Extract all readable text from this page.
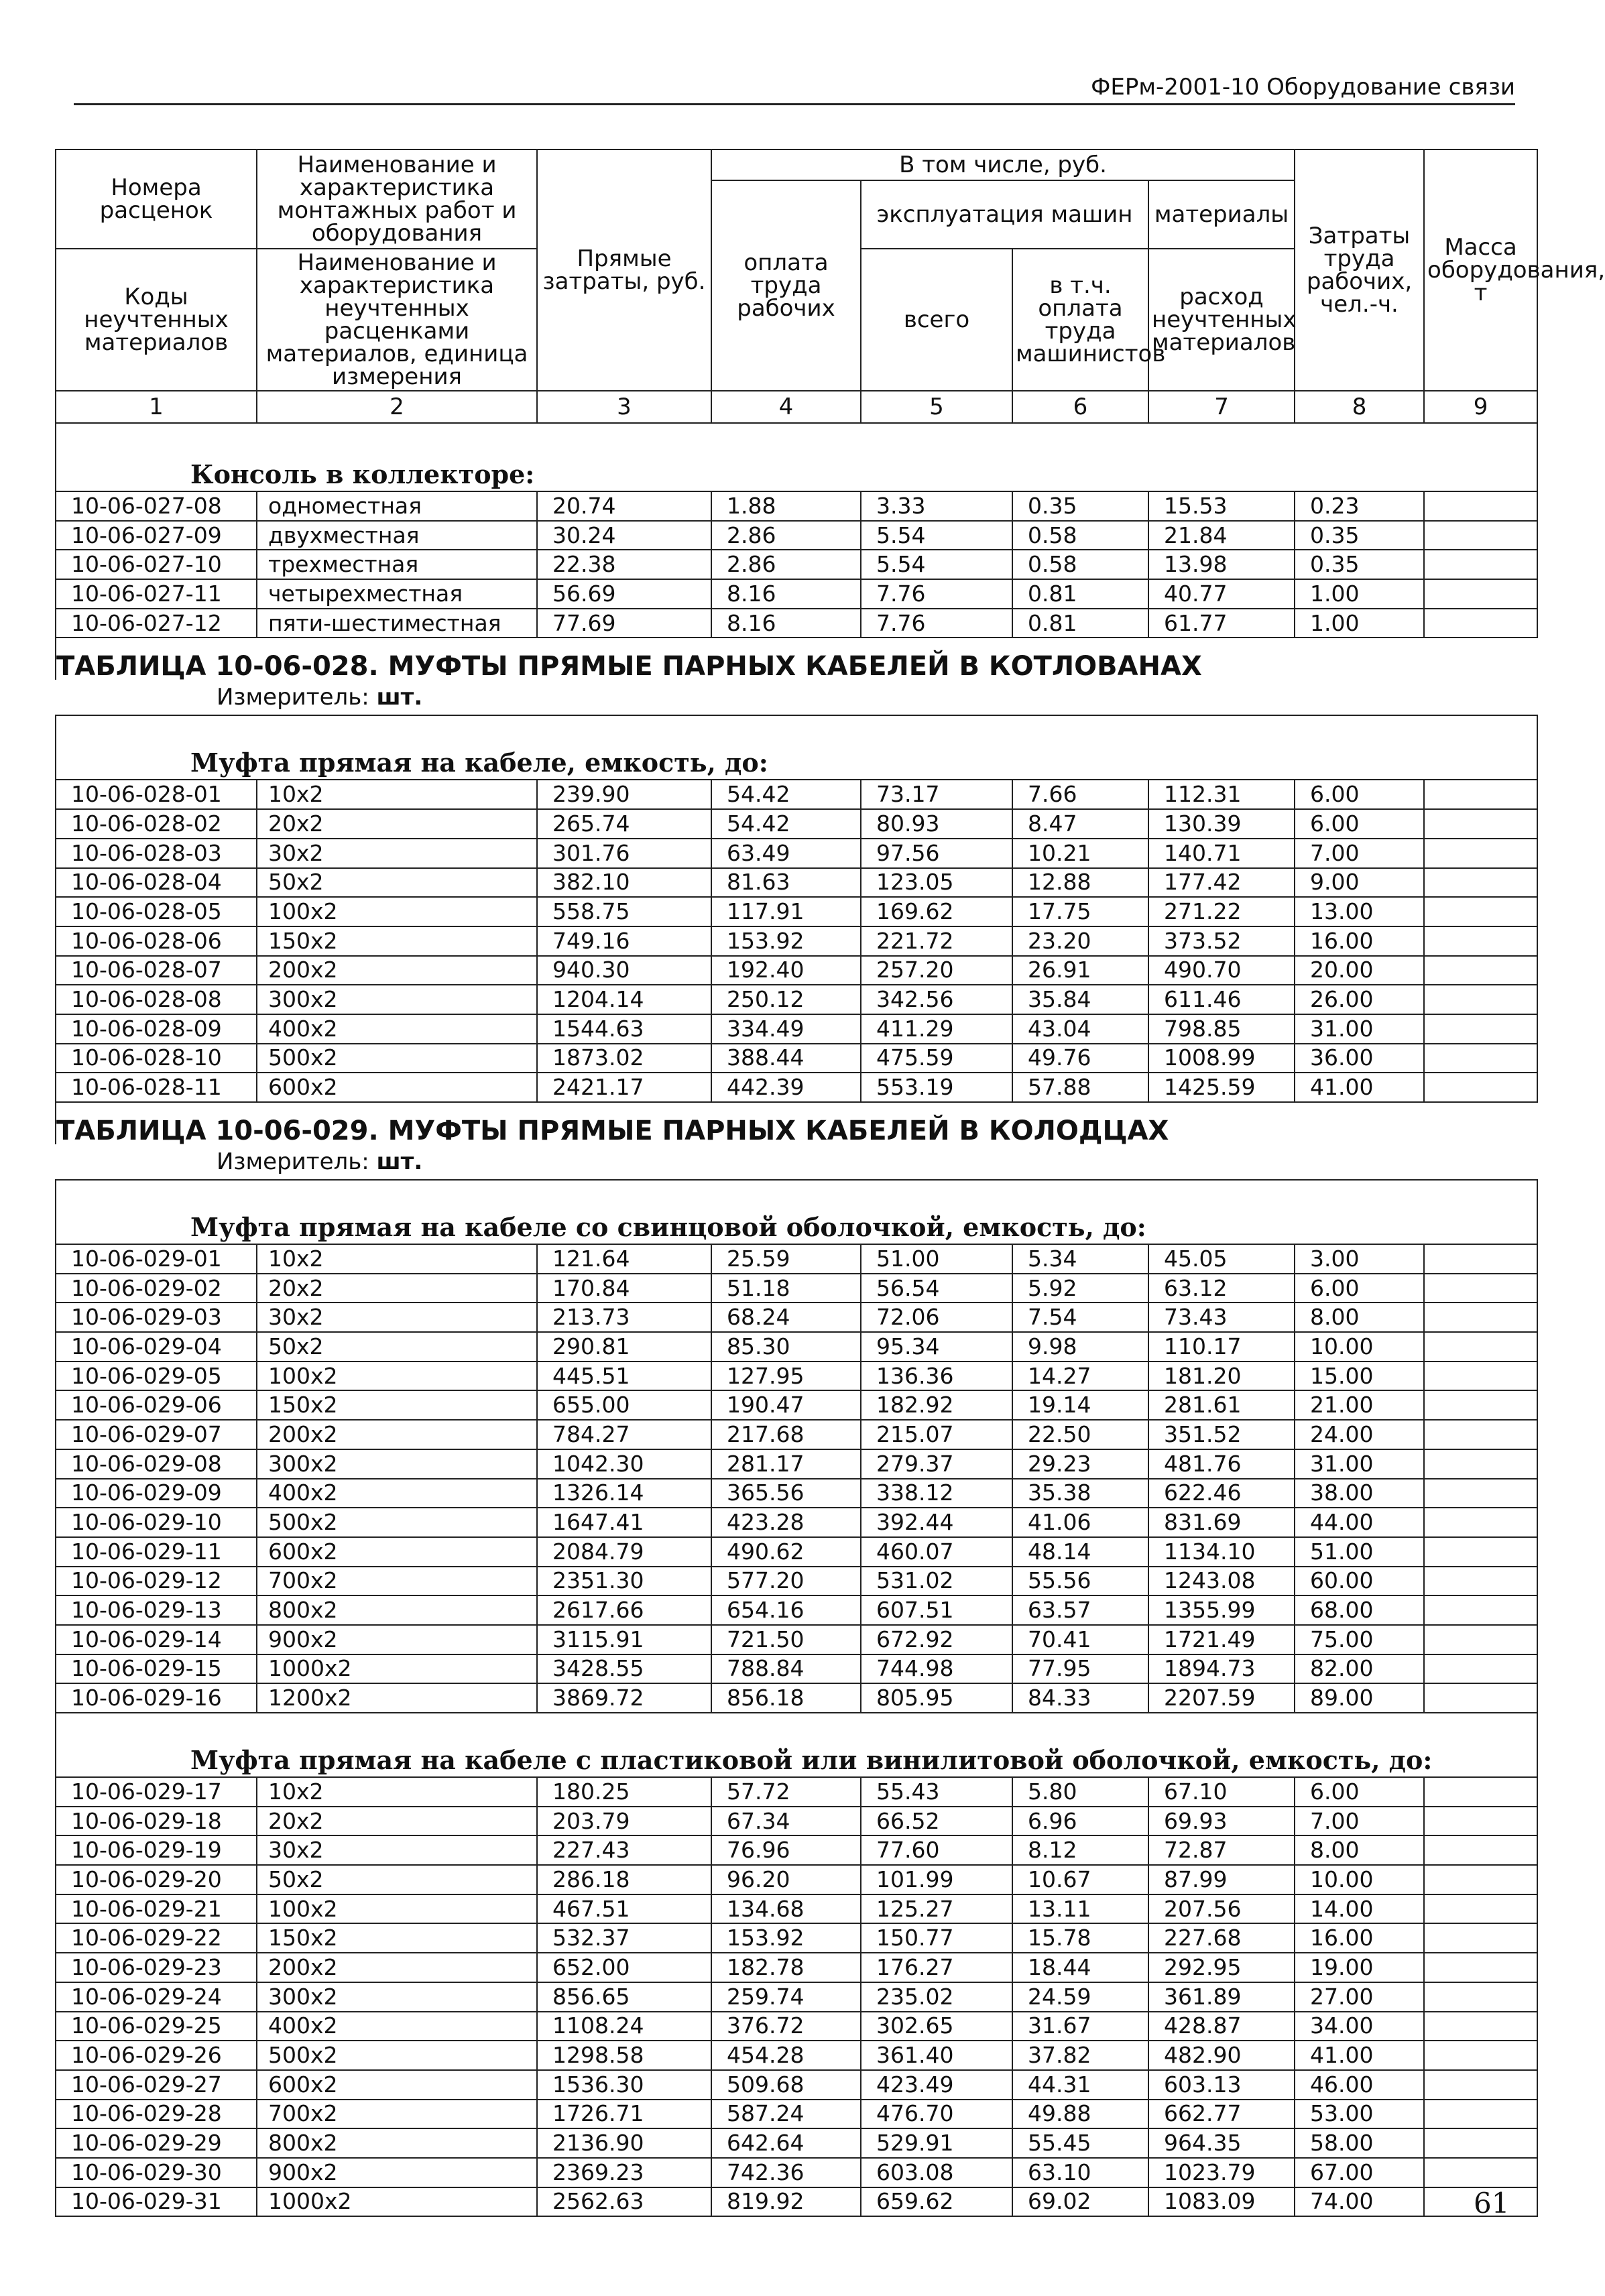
ФЕРм-2001-10 Оборудование связи
Номера расценок	Наименование и характеристика монтажных работ и оборудования	Прямые затраты, руб.	В том числе, руб.				Затраты труда рабочих, чел.-ч.	Масса оборудования, т
			оплата труда рабочих	эксплуатация машин		материалы		
Коды неучтенных материалов	Наименование и характеристика неучтенных расценками материалов, единица измерения			всего	в т.ч. оплата труда машинистов	расход неучтенных материалов		
1	2	3	4	5	6	7	8	9
Консоль в коллекторе:								
10-06-027-08	одноместная	20.74	1.88	3.33	0.35	15.53	0.23	
10-06-027-09	двухместная	30.24	2.86	5.54	0.58	21.84	0.35	
10-06-027-10	трехместная	22.38	2.86	5.54	0.58	13.98	0.35	
10-06-027-11	четырехместная	56.69	8.16	7.76	0.81	40.77	1.00	
10-06-027-12	пяти-шестиместная	77.69	8.16	7.76	0.81	61.77	1.00	
ТАБЛИЦА 10-06-028. МУФТЫ ПРЯМЫЕ ПАРНЫХ КАБЕЛЕЙ В КОТЛОВАНАХ								
Измеритель: шт.								
Муфта прямая на кабеле, емкость, до:								
10-06-028-01	10x2	239.90	54.42	73.17	7.66	112.31	6.00	
10-06-028-02	20x2	265.74	54.42	80.93	8.47	130.39	6.00	
10-06-028-03	30x2	301.76	63.49	97.56	10.21	140.71	7.00	
10-06-028-04	50x2	382.10	81.63	123.05	12.88	177.42	9.00	
10-06-028-05	100x2	558.75	117.91	169.62	17.75	271.22	13.00	
10-06-028-06	150x2	749.16	153.92	221.72	23.20	373.52	16.00	
10-06-028-07	200x2	940.30	192.40	257.20	26.91	490.70	20.00	
10-06-028-08	300x2	1204.14	250.12	342.56	35.84	611.46	26.00	
10-06-028-09	400x2	1544.63	334.49	411.29	43.04	798.85	31.00	
10-06-028-10	500x2	1873.02	388.44	475.59	49.76	1008.99	36.00	
10-06-028-11	600x2	2421.17	442.39	553.19	57.88	1425.59	41.00	
ТАБЛИЦА 10-06-029. МУФТЫ ПРЯМЫЕ ПАРНЫХ КАБЕЛЕЙ В КОЛОДЦАХ								
Измеритель: шт.								
Муфта прямая на кабеле со свинцовой оболочкой, емкость, до:								
10-06-029-01	10x2	121.64	25.59	51.00	5.34	45.05	3.00	
10-06-029-02	20x2	170.84	51.18	56.54	5.92	63.12	6.00	
10-06-029-03	30x2	213.73	68.24	72.06	7.54	73.43	8.00	
10-06-029-04	50x2	290.81	85.30	95.34	9.98	110.17	10.00	
10-06-029-05	100x2	445.51	127.95	136.36	14.27	181.20	15.00	
10-06-029-06	150x2	655.00	190.47	182.92	19.14	281.61	21.00	
10-06-029-07	200x2	784.27	217.68	215.07	22.50	351.52	24.00	
10-06-029-08	300x2	1042.30	281.17	279.37	29.23	481.76	31.00	
10-06-029-09	400x2	1326.14	365.56	338.12	35.38	622.46	38.00	
10-06-029-10	500x2	1647.41	423.28	392.44	41.06	831.69	44.00	
10-06-029-11	600x2	2084.79	490.62	460.07	48.14	1134.10	51.00	
10-06-029-12	700x2	2351.30	577.20	531.02	55.56	1243.08	60.00	
10-06-029-13	800x2	2617.66	654.16	607.51	63.57	1355.99	68.00	
10-06-029-14	900x2	3115.91	721.50	672.92	70.41	1721.49	75.00	
10-06-029-15	1000x2	3428.55	788.84	744.98	77.95	1894.73	82.00	
10-06-029-16	1200x2	3869.72	856.18	805.95	84.33	2207.59	89.00	
Муфта прямая на кабеле с пластиковой или винилитовой оболочкой, емкость, до:								
10-06-029-17	10x2	180.25	57.72	55.43	5.80	67.10	6.00	
10-06-029-18	20x2	203.79	67.34	66.52	6.96	69.93	7.00	
10-06-029-19	30x2	227.43	76.96	77.60	8.12	72.87	8.00	
10-06-029-20	50x2	286.18	96.20	101.99	10.67	87.99	10.00	
10-06-029-21	100x2	467.51	134.68	125.27	13.11	207.56	14.00	
10-06-029-22	150x2	532.37	153.92	150.77	15.78	227.68	16.00	
10-06-029-23	200x2	652.00	182.78	176.27	18.44	292.95	19.00	
10-06-029-24	300x2	856.65	259.74	235.02	24.59	361.89	27.00	
10-06-029-25	400x2	1108.24	376.72	302.65	31.67	428.87	34.00	
10-06-029-26	500x2	1298.58	454.28	361.40	37.82	482.90	41.00	
10-06-029-27	600x2	1536.30	509.68	423.49	44.31	603.13	46.00	
10-06-029-28	700x2	1726.71	587.24	476.70	49.88	662.77	53.00	
10-06-029-29	800x2	2136.90	642.64	529.91	55.45	964.35	58.00	
10-06-029-30	900x2	2369.23	742.36	603.08	63.10	1023.79	67.00	
10-06-029-31	1000x2	2562.63	819.92	659.62	69.02	1083.09	74.00		61
